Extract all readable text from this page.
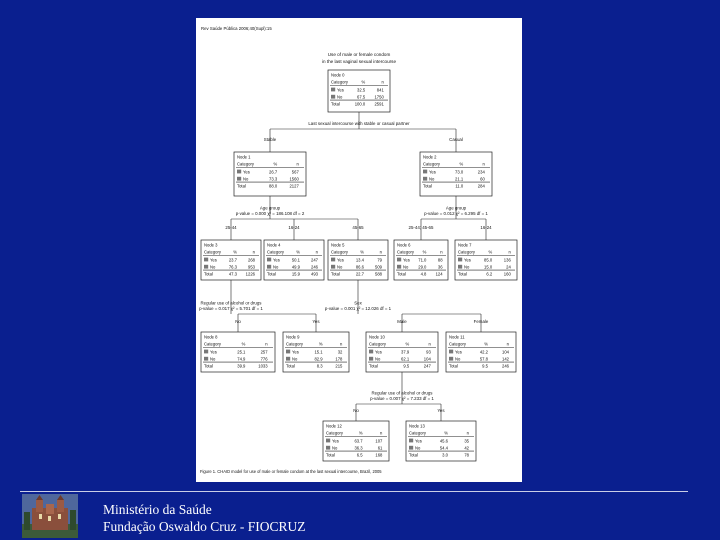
Rev Saúde Pública 2006;40(Supl):15
Use of male or female condom
in the last vaginal sexual intercourse
Node 0
Category	%	n
Yes	32.5	841
No	67.5 1750
Total	100.0 2591
Node 1
Category	%	n
Yes	26.7	567
No	73.3	1560
Total	88.0	2127
Node 2
Category	%	n
Yes	73.0	234
No	21.1	60
Total	11.0	284
Node 3
Category	%	n
Yes	23.7	268
No	76.3	953
Total	47.3 1226
Node 4
Category	%	n
Yes	50.1	247
No	49.9	246
Total	15.9	493
Node 5
Category	%	n
Yes	13.4	79
No	86.6	509
Total	22.7	588
Node 6
Category %	n
Yes 71.0	88
No 29.0	36
Total	4.8 124
Node 7
Category	%	n
Yes	85.0	136
No	15.0	24
Total	6.2	160
Node 8
Category	%	n
Yes	25.1	257
No	74.9	776
Total	39.9	1033
Node 9
Category	%	n
Yes	15.1	32
No	82.9	178
Total	8.3	215
Node 10
Category	%	n
Yes	37.9	93
No	62.1	104
Total	9.5	247
Node 11
Category	%	n
Yes	42.2	104
No	57.8	142
Total	9.5	246
Node 12
Category	%	n
Yes	63.7	107
No	36.3	61
Total	6.5	168
Node 13
Category	%	n
Yes	45.6	35
No	54.4	42
Total	3.0	78
Stable	Casual
Last sexual intercourse with stable or casual partner
25-44	16-24	45-65
Age group
p-value = 0.000 χ² = 186.108 df = 2
25-44; 45-65	16-24
Age group
p-value = 0.012 χ² = 6.295 df = 1
No	Yes
Regular use of alcohol or drugs
p-value = 0.017 χ² = 5.701 df = 1
Male	Female
Sex
p-value = 0.001 χ² = 12.026 df = 1
No	Yes
Regular use of alcohol or drugs
p-value = 0.007 χ² = 7.233 df = 1
Figure 1. CHAID model for use of male or female condom at the last sexual intercourse, Brazil, 2005
Ministério da Saúde
Fundação Oswaldo Cruz - FIOCRUZ
